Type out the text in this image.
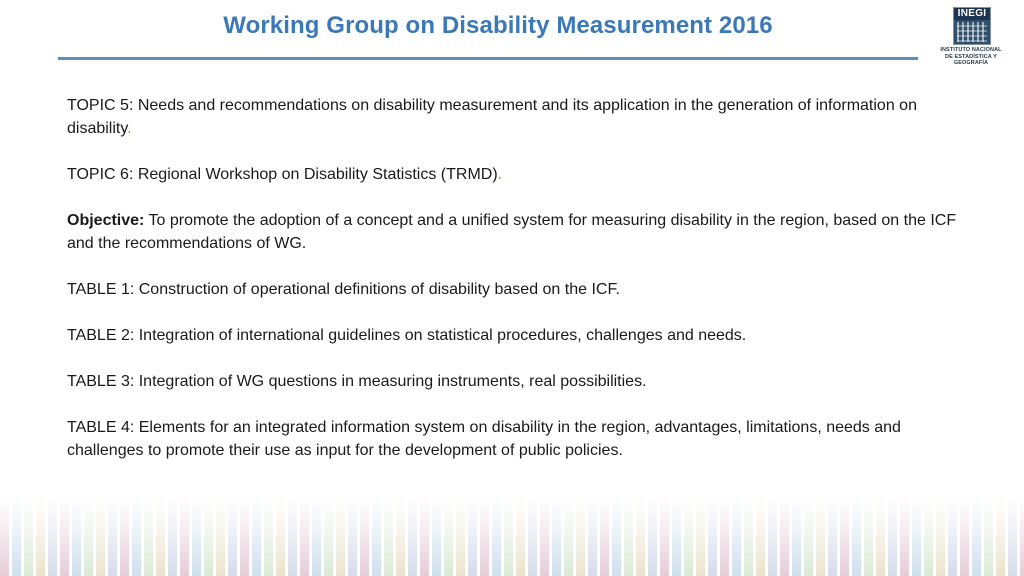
Working Group on Disability Measurement 2016	INEGI
INSTITUTO NACIONAL
DE ESTADÍSTICA Y GEOGRAFÍA

TOPIC 5: Needs and recommendations on disability measurement and its application in the generation of information on disability.

TOPIC 6: Regional Workshop on Disability Statistics (TRMD).

Objective: To promote the adoption of a concept and a unified system for measuring disability in the region, based on the ICF and the recommendations of WG.

TABLE 1: Construction of operational definitions of disability based on the ICF.

TABLE 2: Integration of international guidelines on statistical procedures, challenges and needs.

TABLE 3: Integration of WG questions in measuring instruments, real possibilities.

TABLE 4: Elements for an integrated information system on disability in the region, advantages, limitations, needs and challenges to promote their use as input for the development of public policies.
